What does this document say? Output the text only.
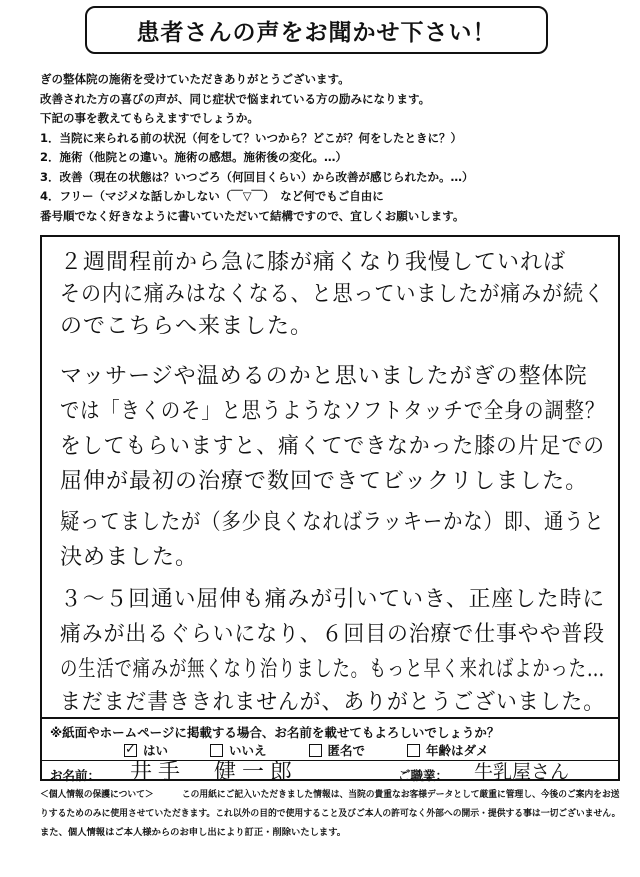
患者さんの声をお聞かせ下さい！
ぎの整体院の施術を受けていただきありがとうございます。
改善された方の喜びの声が、同じ症状で悩まれている方の励みになります。
下記の事を教えてもらえますでしょうか。
1．当院に来られる前の状況（何をして？いつから？どこが？何をしたときに？）
2．施術（他院との違い。施術の感想。施術後の変化。…）
3．改善（現在の状態は？いつごろ（何回目くらい）から改善が感じられたか。…）
4．フリー（マジメな話しかしない（￣▽￣）　など何でもご自由に
番号順でなく好きなように書いていただいて結構ですので、宜しくお願いします。
２週間程前から急に膝が痛くなり我慢していれば
その内に痛みはなくなる、と思っていましたが痛みが続く
のでこちらへ来ました。
マッサージや温めるのかと思いましたがぎの整体院
では「きくのそ」と思うようなソフトタッチで全身の調整？
をしてもらいますと、痛くてできなかった膝の片足での
屈伸が最初の治療で数回できてビックリしました。
疑ってましたが（多少良くなればラッキーかな）即、通うと
決めました。
３〜５回通い屈伸も痛みが引いていき、正座した時に
痛みが出るぐらいになり、６回目の治療で仕事やや普段
の生活で痛みが無くなり治りました。もっと早く来ればよかった…
まだまだ書ききれませんが、ありがとうございました。
※紙面やホームページに掲載する場合、お名前を載せてもよろしいでしょうか？
✓ はい	いいえ	匿名で	年齢はダメ
お名前： 井手　健一郎	ご職業： 牛乳屋さん
＜個人情報の保護について＞	この用紙にご記入いただきました情報は、当院の貴重なお客様データとして厳重に管理し、今後のご案内をお送
りするためのみに使用させていただきます。これ以外の目的で使用すること及びご本人の許可なく外部への開示・提供する事は一切ございません。
また、個人情報はご本人様からのお申し出により訂正・削除いたします。
